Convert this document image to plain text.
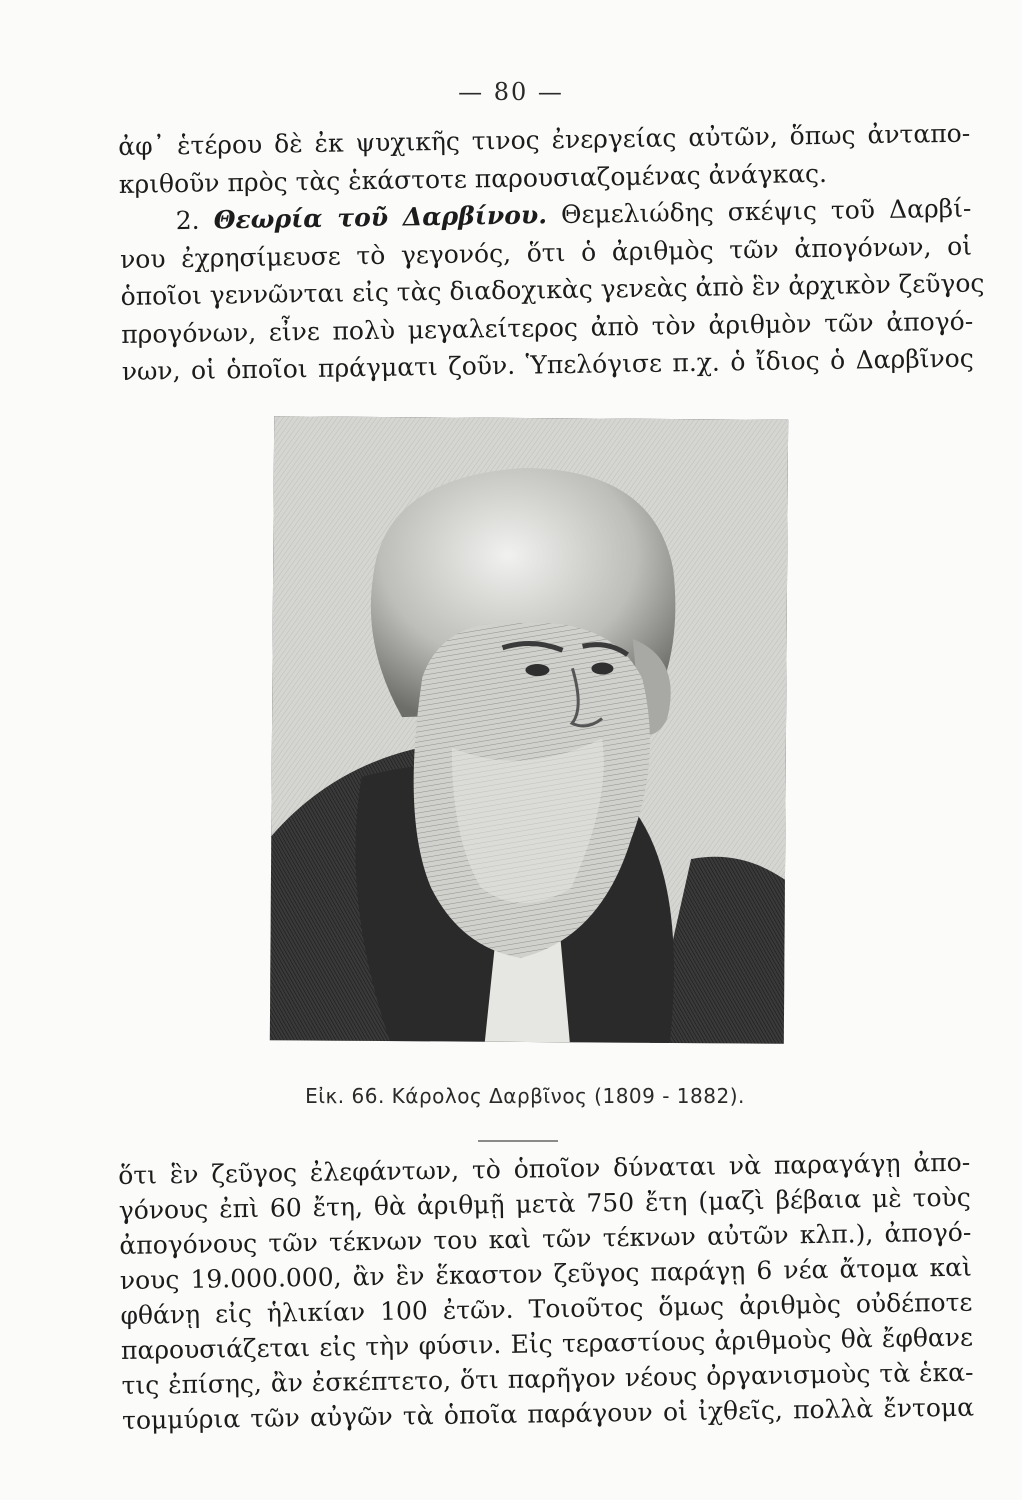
— 80 —
ἀφ᾽ ἑτέρου δὲ ἐκ ψυχικῆς τινος ἐνεργείας αὐτῶν, ὅπως ἀνταπο-
κριθοῦν πρὸς τὰς ἑκάστοτε παρουσιαζομένας ἀνάγκας.
2. Θεωρία τοῦ Δαρβίνου. Θεμελιώδης σκέψις τοῦ Δαρβί-
νου ἐχρησίμευσε τὸ γεγονός, ὅτι ὁ ἀριθμὸς τῶν ἀπογόνων, οἱ
ὁποῖοι γεννῶνται εἰς τὰς διαδοχικὰς γενεὰς ἀπὸ ἓν ἀρχικὸν ζεῦγος
προγόνων, εἶνε πολὺ μεγαλείτερος ἀπὸ τὸν ἀριθμὸν τῶν ἀπογό-
νων, οἱ ὁποῖοι πράγματι ζοῦν. Ὑπελόγισε π.χ. ὁ ἴδιος ὁ Δαρβῖνος
Εἰκ. 66. Κάρολος Δαρβῖνος (1809 - 1882).
ὅτι ἓν ζεῦγος ἐλεφάντων, τὸ ὁποῖον δύναται νὰ παραγάγῃ ἀπο-
γόνους ἐπὶ 60 ἔτη, θὰ ἀριθμῇ μετὰ 750 ἔτη (μαζὶ βέβαια μὲ τοὺς
ἀπογόνους τῶν τέκνων του καὶ τῶν τέκνων αὐτῶν κλπ.), ἀπογό-
νους 19.000.000, ἂν ἓν ἕκαστον ζεῦγος παράγῃ 6 νέα ἄτομα καὶ
φθάνῃ εἰς ἡλικίαν 100 ἐτῶν. Τοιοῦτος ὅμως ἀριθμὸς οὐδέποτε
παρουσιάζεται εἰς τὴν φύσιν. Εἰς τεραστίους ἀριθμοὺς θὰ ἔφθανε
τις ἐπίσης, ἂν ἐσκέπτετο, ὅτι παρῆγον νέους ὀργανισμοὺς τὰ ἑκα-
τομμύρια τῶν αὐγῶν τὰ ὁποῖα παράγουν οἱ ἰχθεῖς, πολλὰ ἔντομα
